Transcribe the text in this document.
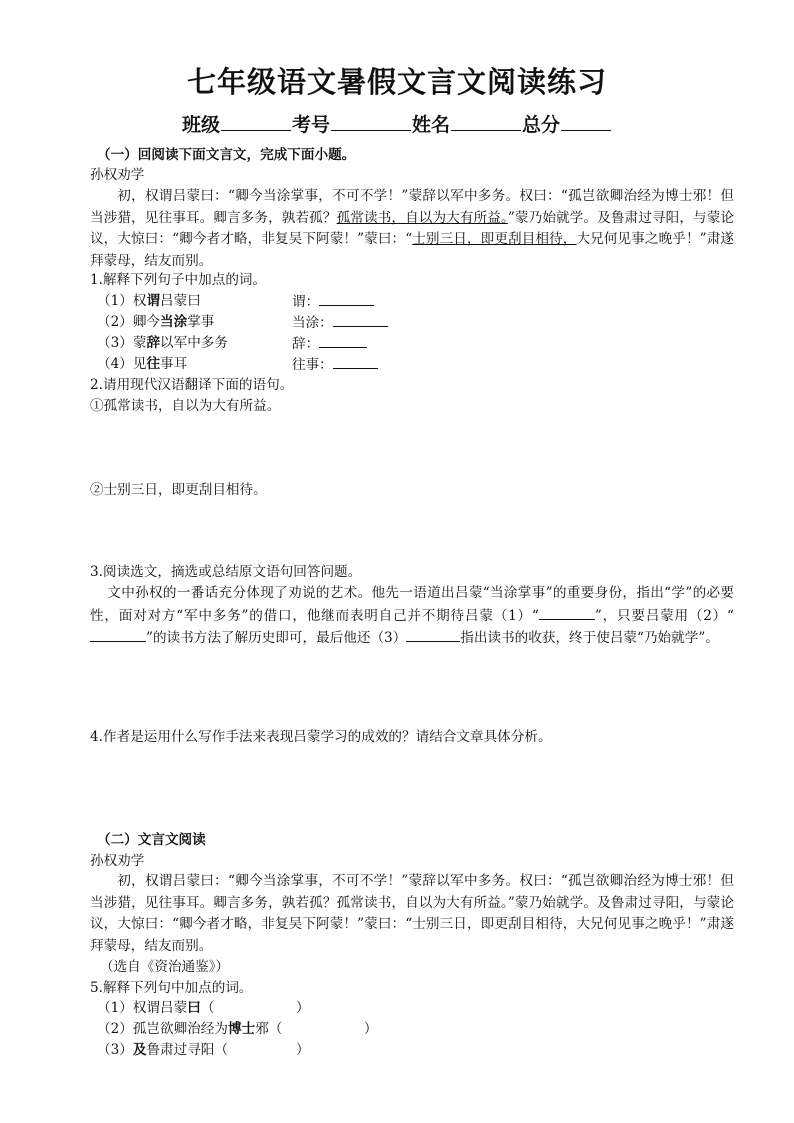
七年级语文暑假文言文阅读练习
班级	考号	姓名	总分
（一）回阅读下面文言文，完成下面小题。
孙权劝学
初，权谓吕蒙曰：“卿今当涂掌事，不可不学！”蒙辞以军中多务。权曰：“孤岂欲卿治经为博士邪！但当涉猎，见往事耳。卿言多务，孰若孤？孤常读书，自以为大有所益。”蒙乃始就学。及鲁肃过寻阳，与蒙论议，大惊曰：“卿今者才略，非复吴下阿蒙！”蒙曰：“士别三日，即更刮目相待，大兄何见事之晚乎！”肃遂拜蒙母，结友而别。
1.解释下列句子中加点的词。
（1）权谓吕蒙曰	谓：
（2）卿今当涂掌事	当涂：
（3）蒙辞以军中多务	辞：
（4）见往事耳	往事：
2.请用现代汉语翻译下面的语句。
①孤常读书，自以为大有所益。
②士别三日，即更刮目相待。
3.阅读选文，摘选或总结原文语句回答问题。
文中孙权的一番话充分体现了劝说的艺术。他先一语道出吕蒙“当涂掌事”的重要身份，指出“学”的必要性，面对对方“军中多务”的借口，他继而表明自己并不期待吕蒙（1）“	”，只要吕蒙用（2）“”的读书方法了解历史即可，最后他还（3）	指出读书的收获，终于使吕蒙“乃始就学”。
4.作者是运用什么写作手法来表现吕蒙学习的成效的？请结合文章具体分析。
（二）文言文阅读
孙权劝学
初，权谓吕蒙曰：“卿今当涂掌事，不可不学！”蒙辞以军中多务。权曰：“孤岂欲卿治经为博士邪！但当涉猎，见往事耳。卿言多务，孰若孤？孤常读书，自以为大有所益。”蒙乃始就学。及鲁肃过寻阳，与蒙论议，大惊曰：“卿今者才略，非复吴下阿蒙！”蒙曰：“士别三日，即更刮目相待，大兄何见事之晚乎！”肃遂拜蒙母，结友而别。
（选自《资治通鉴》）
5.解释下列句中加点的词。
（1）权谓吕蒙曰（　　　　　　）
（2）孤岂欲卿治经为博士邪（　　　　　　）
（3）及鲁肃过寻阳（　　　　　）
